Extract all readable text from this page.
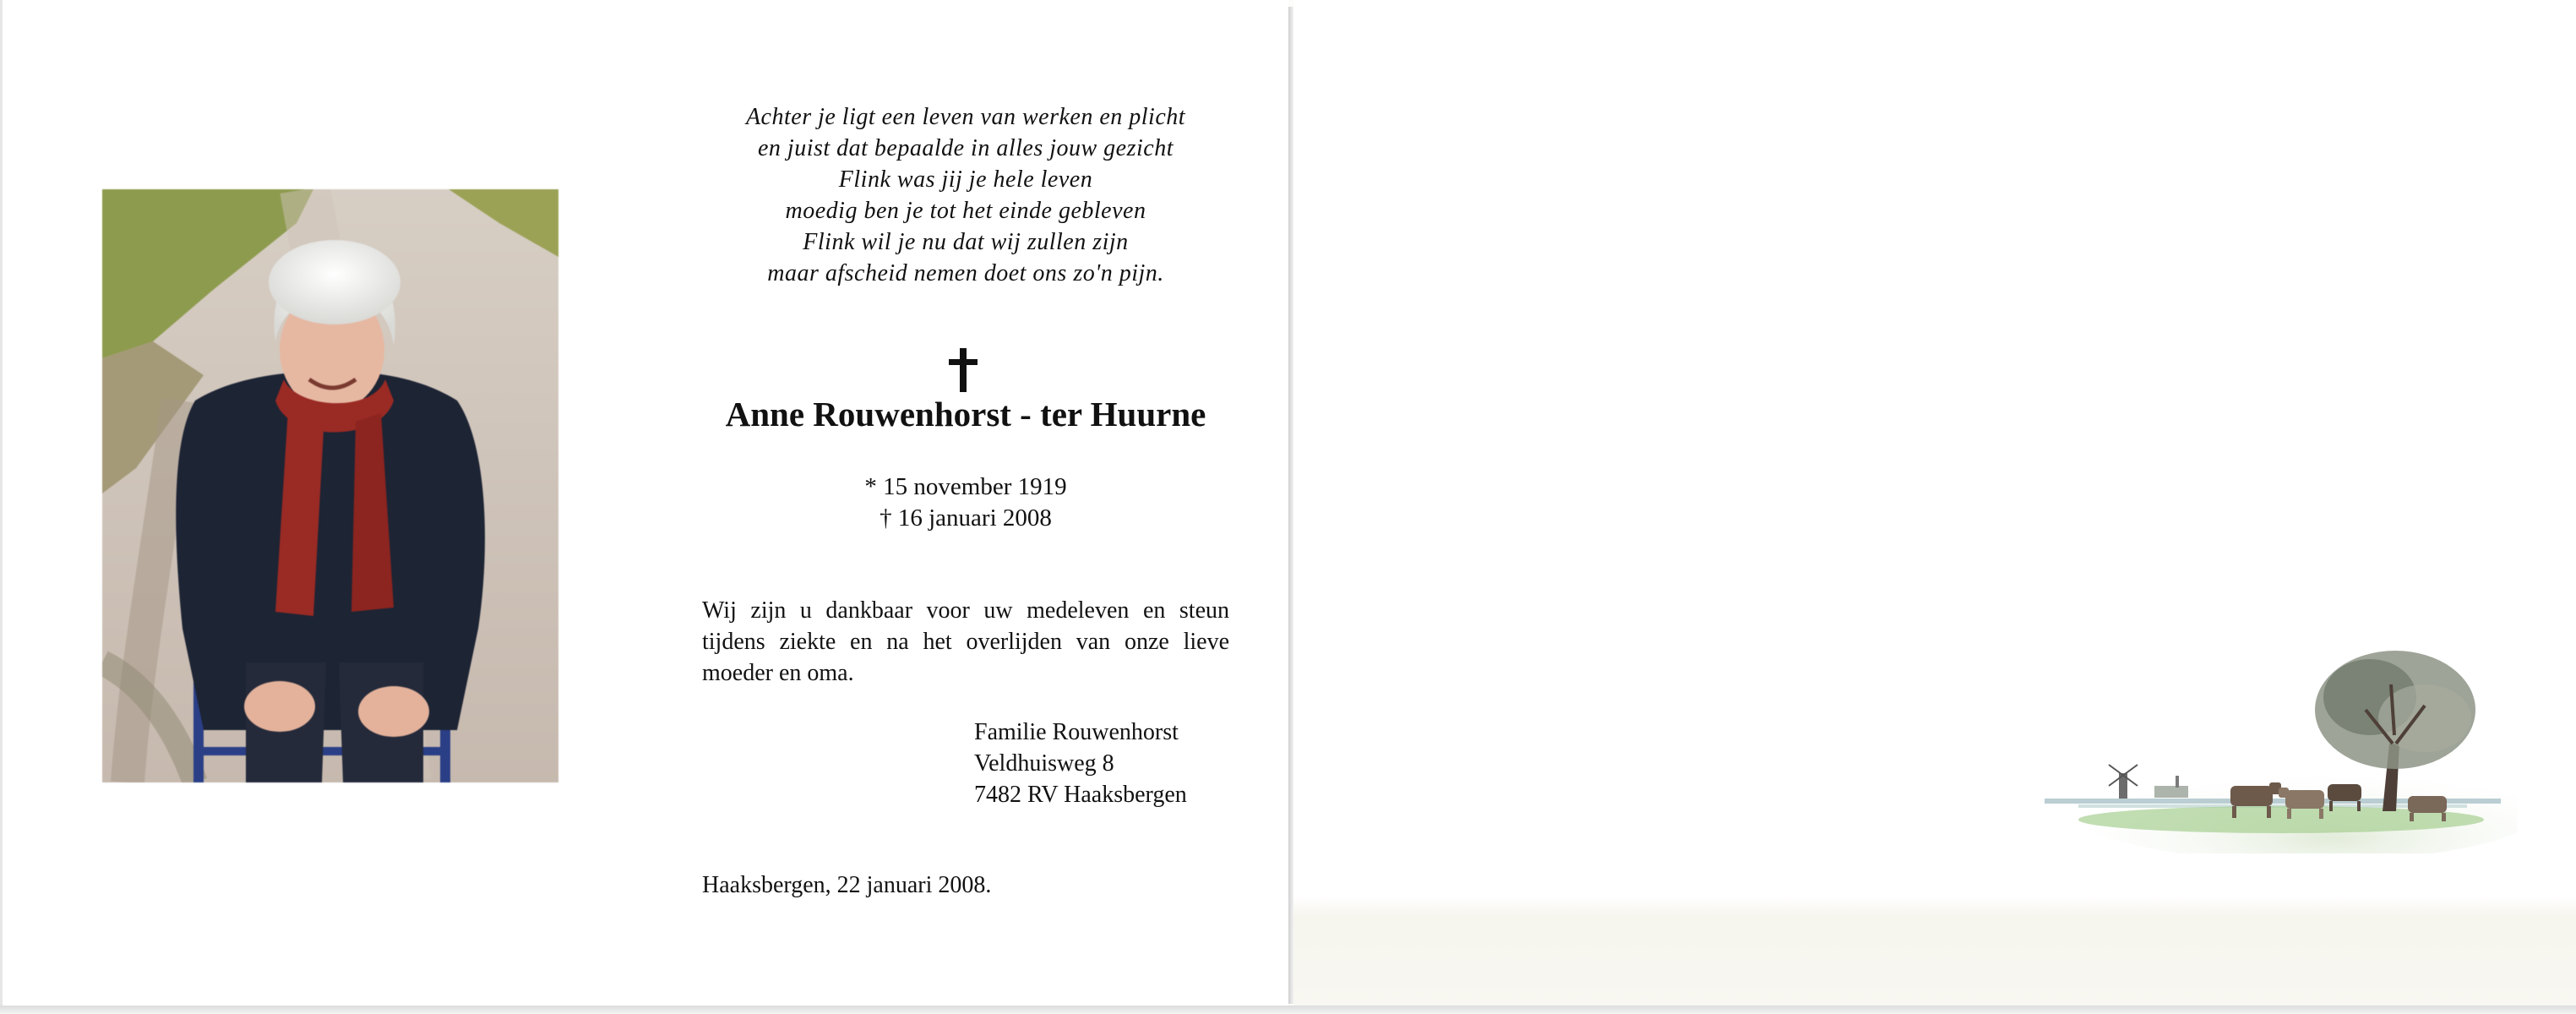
Achter je ligt een leven van werken en plicht
en juist dat bepaalde in alles jouw gezicht
Flink was jij je hele leven
moedig ben je tot het einde gebleven
Flink wil je nu dat wij zullen zijn
maar afscheid nemen doet ons zo'n pijn.
Anne Rouwenhorst - ter Huurne
* 15 november 1919
† 16 januari 2008
Wij zijn u dankbaar voor uw medeleven en steun tijdens ziekte en na het overlijden van onze lieve moeder en oma.
Familie Rouwenhorst
Veldhuisweg 8
7482 RV Haaksbergen
Haaksbergen, 22 januari 2008.
